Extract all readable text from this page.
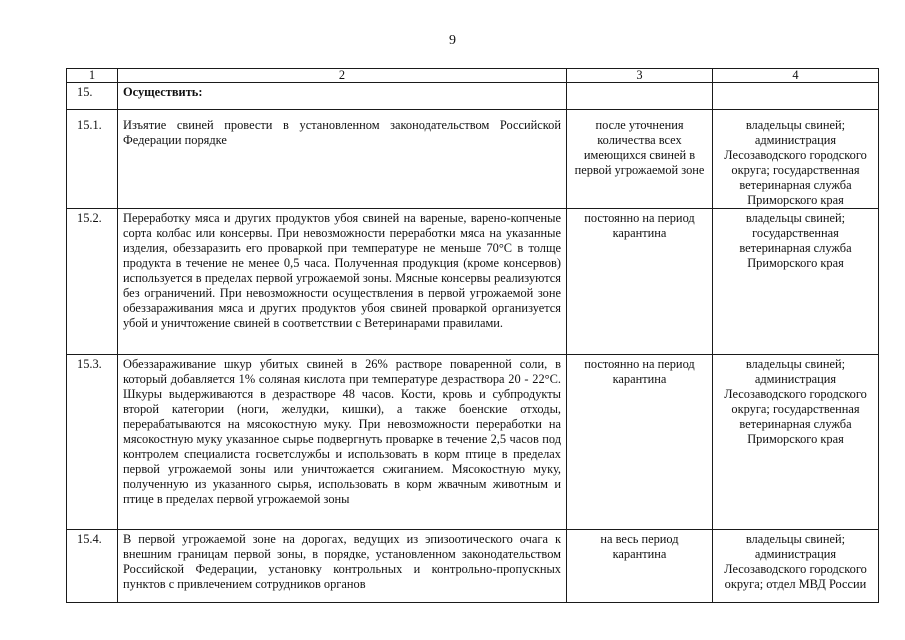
9
1	2	3	4
15.	Осуществить:		
15.1.	Изъятие свиней провести в установленном законодательством Российской Федерации порядке	после уточнения количества всех имеющихся свиней в первой угрожаемой зоне	владельцы свиней; администрация Лесозаводского городского округа; государственная ветеринарная служба Приморского края
15.2.	Переработку мяса и других продуктов убоя свиней на вареные, варено-копченые сорта колбас или консервы. При невозможности переработки мяса на указанные изделия, обеззаразить его проваркой при температуре не меньше 70°С в толще продукта в течение не менее 0,5 часа. Полученная продукция (кроме консервов) используется в пределах первой угрожаемой зоны. Мясные консервы реализуются без ограничений. При невозможности осуществления в первой угрожаемой зоне обеззараживания мяса и других продуктов убоя свиней проваркой организуется убой и уничтожение свиней в соответствии с Ветеринарами правилами.	постоянно на период карантина	владельцы свиней; государственная ветеринарная служба Приморского края
15.3.	Обеззараживание шкур убитых свиней в 26% растворе поваренной соли, в который добавляется 1% соляная кислота при температуре дезраствора 20 - 22°С. Шкуры выдерживаются в дезрастворе 48 часов. Кости, кровь и субпродукты второй категории (ноги, желудки, кишки), а также боенские отходы, перерабатываются на мясокостную муку. При невозможности переработки на мясокостную муку указанное сырье подвергнуть проварке в течение 2,5 часов под контролем специалиста госветслужбы и использовать в корм птице в пределах первой угрожаемой зоны или уничтожается сжиганием. Мясокостную муку, полученную из указанного сырья, использовать в корм жвачным животным и птице в пределах первой угрожаемой зоны	постоянно на период карантина	владельцы свиней; администрация Лесозаводского городского округа; государственная ветеринарная служба Приморского края
15.4.	В первой угрожаемой зоне на дорогах, ведущих из эпизоотического очага к внешним границам первой зоны, в порядке, установленном законодательством Российской Федерации, установку контрольных и контрольно-пропускных пунктов с привлечением сотрудников органов	на весь период карантина	владельцы свиней; администрация Лесозаводского городского округа; отдел МВД России
